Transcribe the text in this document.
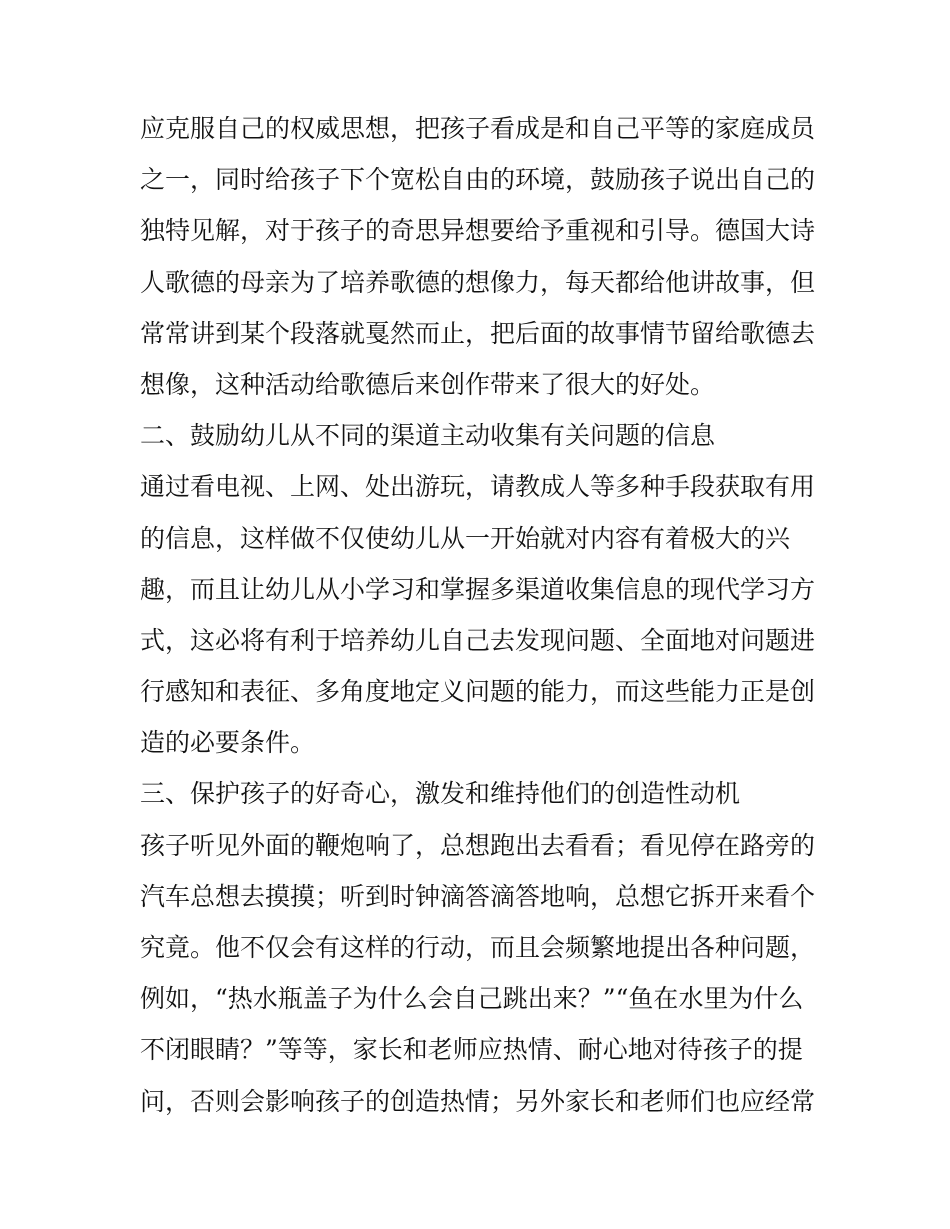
应克服自己的权威思想，把孩子看成是和自己平等的家庭成员
之一，同时给孩子下个宽松自由的环境，鼓励孩子说出自己的
独特见解，对于孩子的奇思异想要给予重视和引导。德国大诗
人歌德的母亲为了培养歌德的想像力，每天都给他讲故事，但
常常讲到某个段落就戛然而止，把后面的故事情节留给歌德去
想像，这种活动给歌德后来创作带来了很大的好处。
二、鼓励幼儿从不同的渠道主动收集有关问题的信息
通过看电视、上网、处出游玩，请教成人等多种手段获取有用
的信息，这样做不仅使幼儿从一开始就对内容有着极大的兴
趣，而且让幼儿从小学习和掌握多渠道收集信息的现代学习方
式，这必将有利于培养幼儿自己去发现问题、全面地对问题进
行感知和表征、多角度地定义问题的能力，而这些能力正是创
造的必要条件。
三、保护孩子的好奇心，激发和维持他们的创造性动机
孩子听见外面的鞭炮响了，总想跑出去看看；看见停在路旁的
汽车总想去摸摸；听到时钟滴答滴答地响，总想它拆开来看个
究竟。他不仅会有这样的行动，而且会频繁地提出各种问题，
例如，“热水瓶盖子为什么会自己跳出来？”“鱼在水里为什么
不闭眼睛？”等等，家长和老师应热情、耐心地对待孩子的提
问，否则会影响孩子的创造热情；另外家长和老师们也应经常
